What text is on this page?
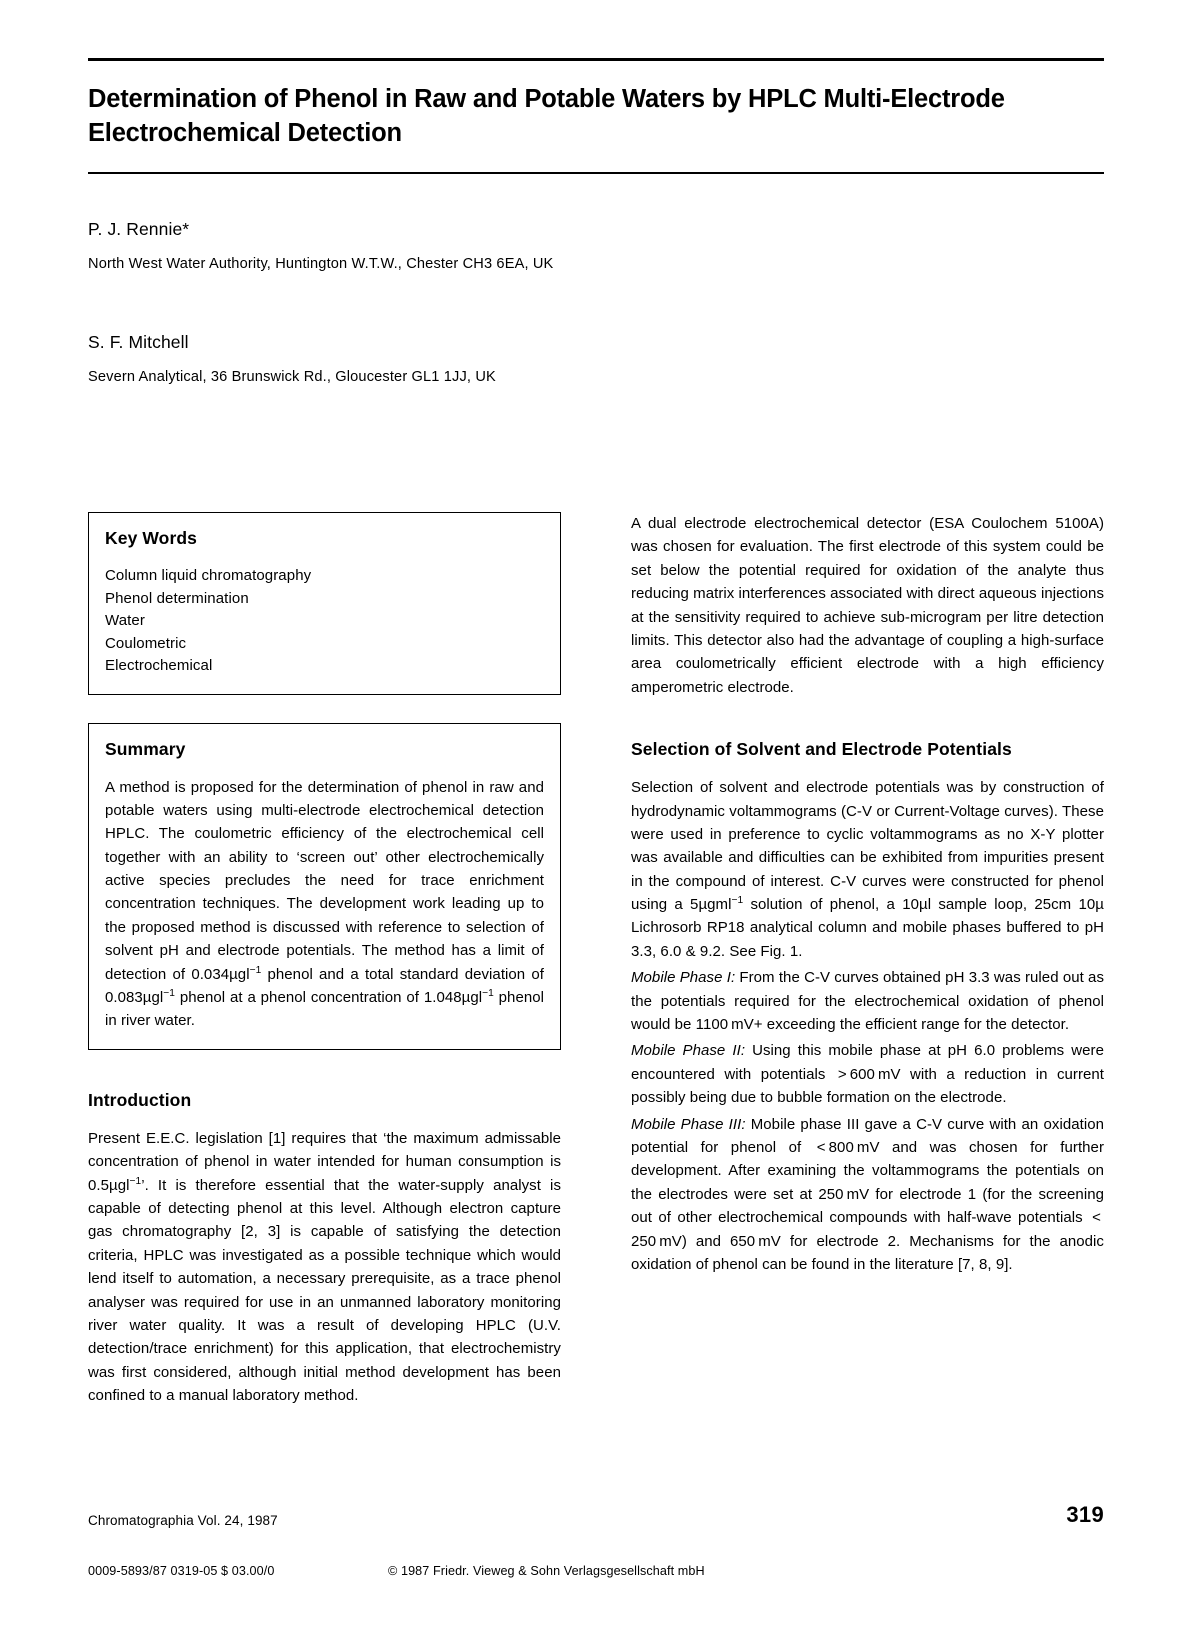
Determination of Phenol in Raw and Potable Waters by HPLC Multi-Electrode Electrochemical Detection

P. J. Rennie*

North West Water Authority, Huntington W.T.W., Chester CH3 6EA, UK

S. F. Mitchell

Severn Analytical, 36 Brunswick Rd., Gloucester GL1 1JJ, UK

Key Words

Column liquid chromatography
Phenol determination
Water
Coulometric
Electrochemical

Summary

A method is proposed for the determination of phenol in raw and potable waters using multi-electrode electrochemical detection HPLC. The coulometric efficiency of the electrochemical cell together with an ability to ‘screen out’ other electrochemically active species precludes the need for trace enrichment concentration techniques. The development work leading up to the proposed method is discussed with reference to selection of solvent pH and electrode potentials. The method has a limit of detection of 0.034µgl$^{-1}$ phenol and a total standard deviation of 0.083µgl$^{-1}$ phenol at a phenol concentration of 1.048µgl$^{-1}$ phenol in river water.

Introduction

Present E.E.C. legislation [1] requires that ‘the maximum admissable concentration of phenol in water intended for human consumption is 0.5µgl$^{-1}$’. It is therefore essential that the water-supply analyst is capable of detecting phenol at this level. Although electron capture gas chromatography [2, 3] is capable of satisfying the detection criteria, HPLC was investigated as a possible technique which would lend itself to automation, a necessary prerequisite, as a trace phenol analyser was required for use in an unmanned laboratory monitoring river water quality. It was a result of developing HPLC (U.V. detection/trace enrichment) for this application, that electrochemistry was first considered, although initial method development has been confined to a manual laboratory method.

A dual electrode electrochemical detector (ESA Coulochem 5100A) was chosen for evaluation. The first electrode of this system could be set below the potential required for oxidation of the analyte thus reducing matrix interferences associated with direct aqueous injections at the sensitivity required to achieve sub-microgram per litre detection limits. This detector also had the advantage of coupling a high-surface area coulometrically efficient electrode with a high efficiency amperometric electrode.

Selection of Solvent and Electrode Potentials

Selection of solvent and electrode potentials was by construction of hydrodynamic voltammograms (C-V or Current-Voltage curves). These were used in preference to cyclic voltammograms as no X-Y plotter was available and difficulties can be exhibited from impurities present in the compound of interest. C-V curves were constructed for phenol using a 5µgml$^{-1}$ solution of phenol, a 10µl sample loop, 25cm 10µ Lichrosorb RP18 analytical column and mobile phases buffered to pH 3.3, 6.0 & 9.2. See Fig. 1.

Mobile Phase I: From the C-V curves obtained pH 3.3 was ruled out as the potentials required for the electrochemical oxidation of phenol would be 1100 mV+ exceeding the efficient range for the detector.

Mobile Phase II: Using this mobile phase at pH 6.0 problems were encountered with potentials  > 600 mV with a reduction in current possibly being due to bubble formation on the electrode.

Mobile Phase III: Mobile phase III gave a C-V curve with an oxidation potential for phenol of  < 800 mV and was chosen for further development. After examining the voltammograms the potentials on the electrodes were set at 250 mV for electrode 1 (for the screening out of other electrochemical compounds with half-wave potentials  < 250 mV) and 650 mV for electrode 2. Mechanisms for the anodic oxidation of phenol can be found in the literature [7, 8, 9].

Chromatographia Vol. 24, 1987	319
0009-5893/87 0319-05 $ 03.00/0	© 1987 Friedr. Vieweg & Sohn Verlagsgesellschaft mbH
